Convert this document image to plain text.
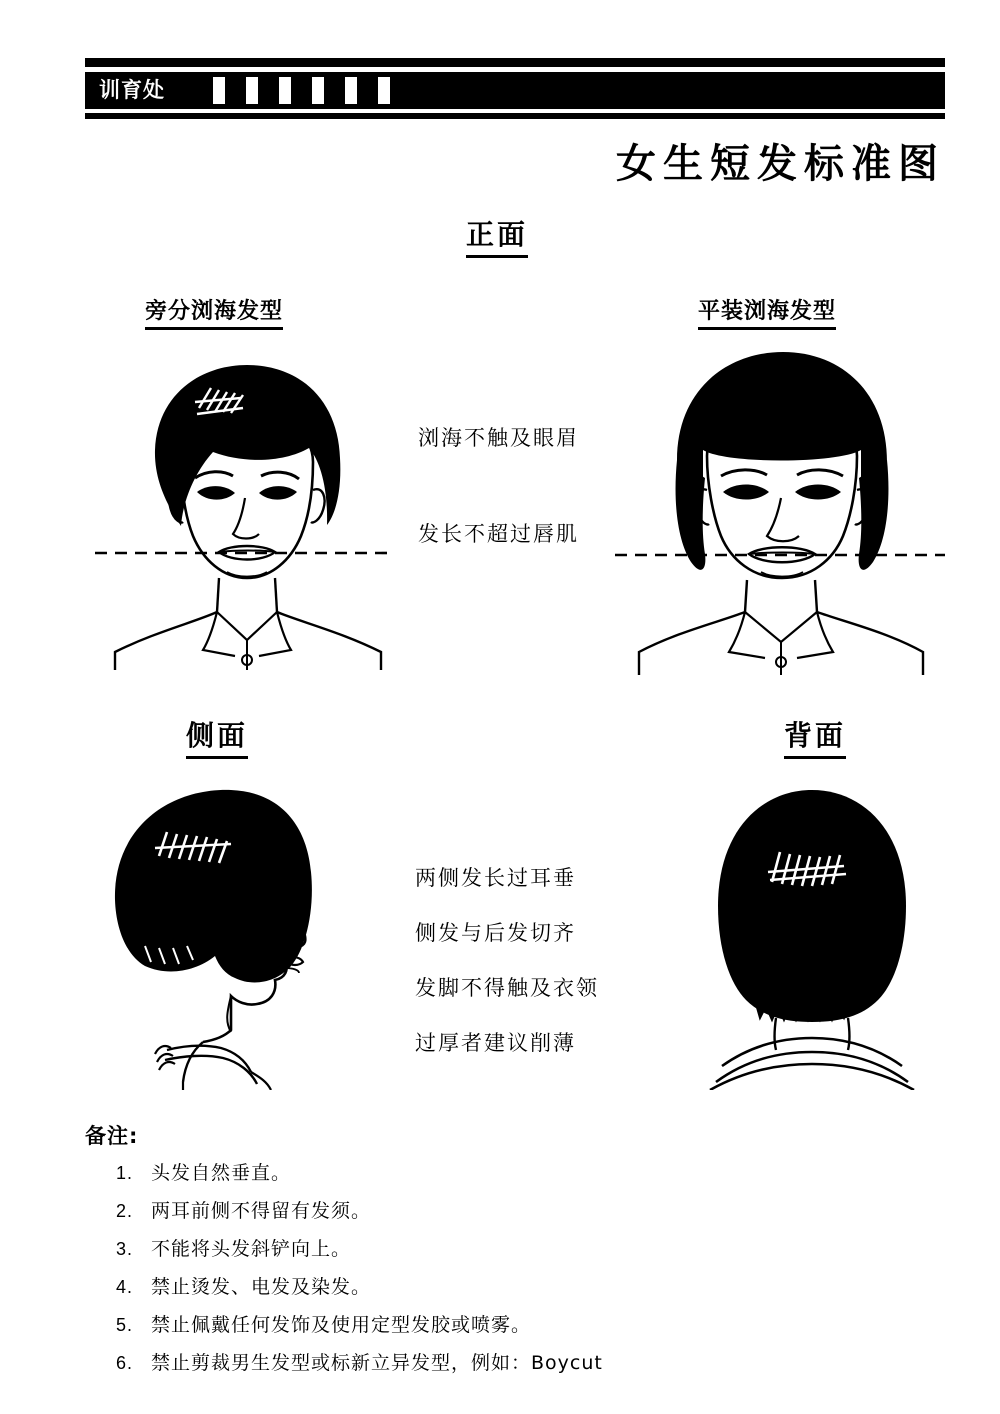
训育处
女生短发标准图
正面
旁分浏海发型	平装浏海发型
浏海不触及眼眉
发长不超过唇肌
侧面	背面
两侧发长过耳垂
侧发与后发切齐
发脚不得触及衣领
过厚者建议削薄
备注:
1. 头发自然垂直。
2. 两耳前侧不得留有发须。
3. 不能将头发斜铲向上。
4. 禁止烫发、电发及染发。
5. 禁止佩戴任何发饰及使用定型发胶或喷雾。
6. 禁止剪裁男生发型或标新立异发型，例如：Boycut
